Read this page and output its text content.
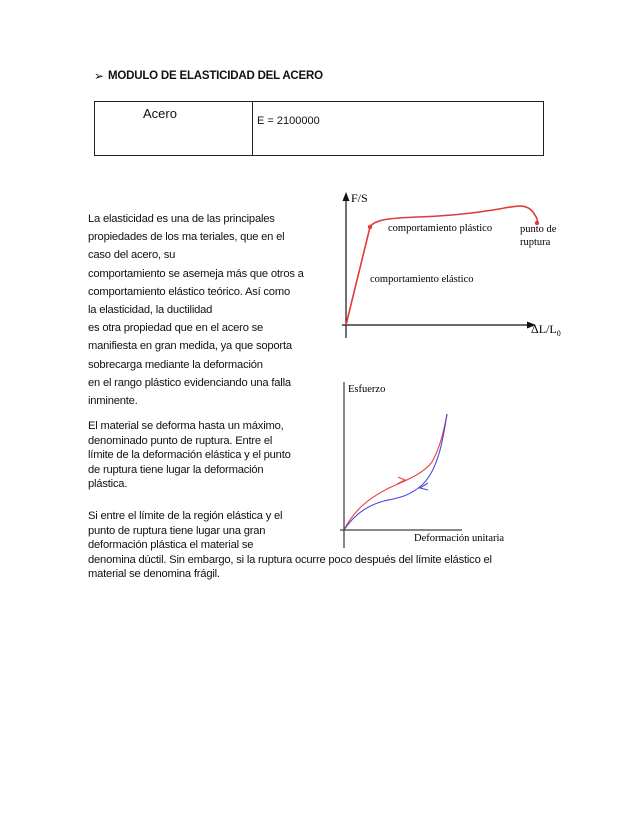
➢ MODULO DE ELASTICIDAD DEL ACERO
Acero	E = 2100000
La elasticidad es una de las principales
propiedades de los ma teriales, que en el
caso del acero, su
comportamiento se asemeja más que otros a
comportamiento elástico teórico. Así como
la elasticidad, la ductilidad
es otra propiedad que en el acero se
manifiesta en gran medida, ya que soporta
sobrecarga mediante la deformación
en el rango plástico evidenciando una falla
inminente.
El material se deforma hasta un máximo,
denominado punto de ruptura. Entre el
límite de la deformación elástica y el punto
de ruptura tiene lugar la deformación
plástica.
Si entre el límite de la región elástica y el
punto de ruptura tiene lugar una gran
deformación plástica el material se
denomina dúctil. Sin embargo, si la ruptura ocurre poco después del límite elástico el
material se denomina frágil.
F/S
$\Delta L/L_0$
comportamiento plástico
comportamiento elástico
punto de
ruptura
Esfuerzo
Deformación unitaria
